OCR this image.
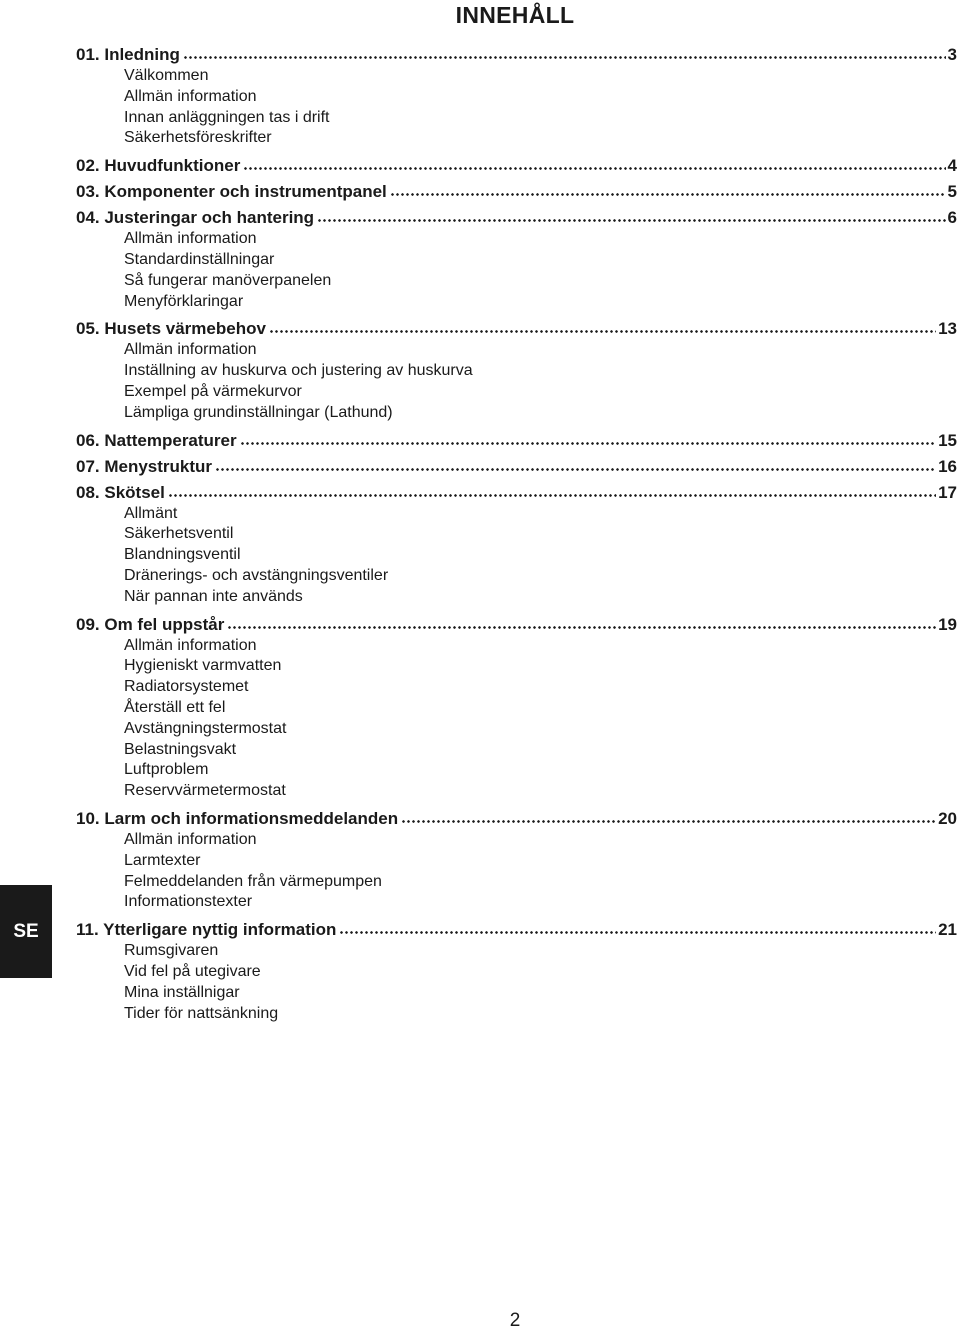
INNEHÅLL
01. Inledning	3
Välkommen
Allmän information
Innan anläggningen tas i drift
Säkerhetsföreskrifter
02. Huvudfunktioner	4
03. Komponenter och instrumentpanel	5
04. Justeringar och hantering	6
Allmän information
Standardinställningar
Så fungerar manöverpanelen
Menyförklaringar
05. Husets värmebehov	13
Allmän information
Inställning av huskurva och justering av huskurva
Exempel på värmekurvor
Lämpliga grundinställningar (Lathund)
06. Nattemperaturer	15
07. Menystruktur	16
08. Skötsel	17
Allmänt
Säkerhetsventil
Blandningsventil
Dränerings- och avstängningsventiler
När pannan inte används
09. Om fel uppstår	19
Allmän information
Hygieniskt varmvatten
Radiatorsystemet
Återställ ett fel
Avstängningstermostat
Belastningsvakt
Luftproblem
Reservvärmetermostat
10. Larm och informationsmeddelanden	20
Allmän information
Larmtexter
Felmeddelanden från värmepumpen
Informationstexter
11. Ytterligare nyttig information	21
Rumsgivaren
Vid fel på utegivare
Mina inställnigar
Tider för nattsänkning
SE
2
